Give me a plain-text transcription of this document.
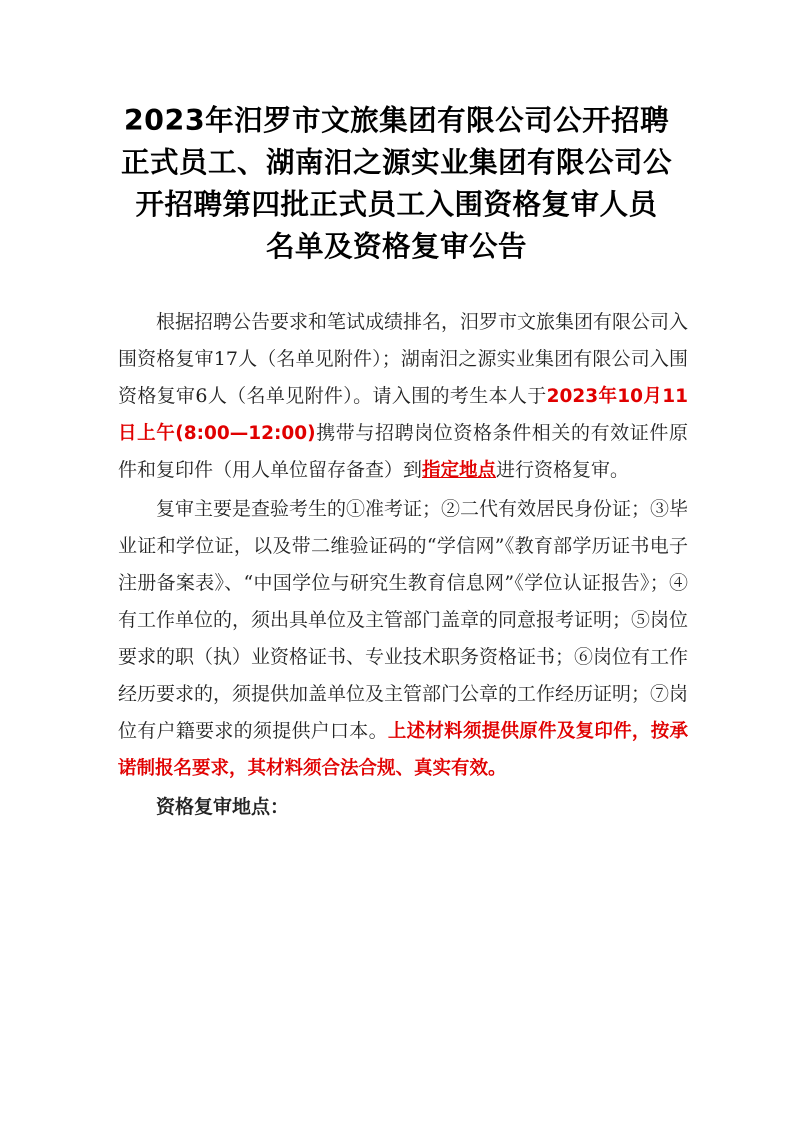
2023年汨罗市文旅集团有限公司公开招聘
正式员工、湖南汨之源实业集团有限公司公
开招聘第四批正式员工入围资格复审人员
名单及资格复审公告

根据招聘公告要求和笔试成绩排名，汨罗市文旅集团有限公司入围资格复审17人（名单见附件）；湖南汨之源实业集团有限公司入围资格复审6人（名单见附件）。请入围的考生本人于2023年10月11日上午(8:00—12:00)携带与招聘岗位资格条件相关的有效证件原件和复印件（用人单位留存备查）到指定地点进行资格复审。

复审主要是查验考生的①准考证；②二代有效居民身份证；③毕业证和学位证，以及带二维验证码的“学信网”《教育部学历证书电子注册备案表》、“中国学位与研究生教育信息网”《学位认证报告》；④有工作单位的，须出具单位及主管部门盖章的同意报考证明；⑤岗位要求的职（执）业资格证书、专业技术职务资格证书；⑥岗位有工作经历要求的，须提供加盖单位及主管部门公章的工作经历证明；⑦岗位有户籍要求的须提供户口本。上述材料须提供原件及复印件，按承诺制报名要求，其材料须合法合规、真实有效。

资格复审地点：
